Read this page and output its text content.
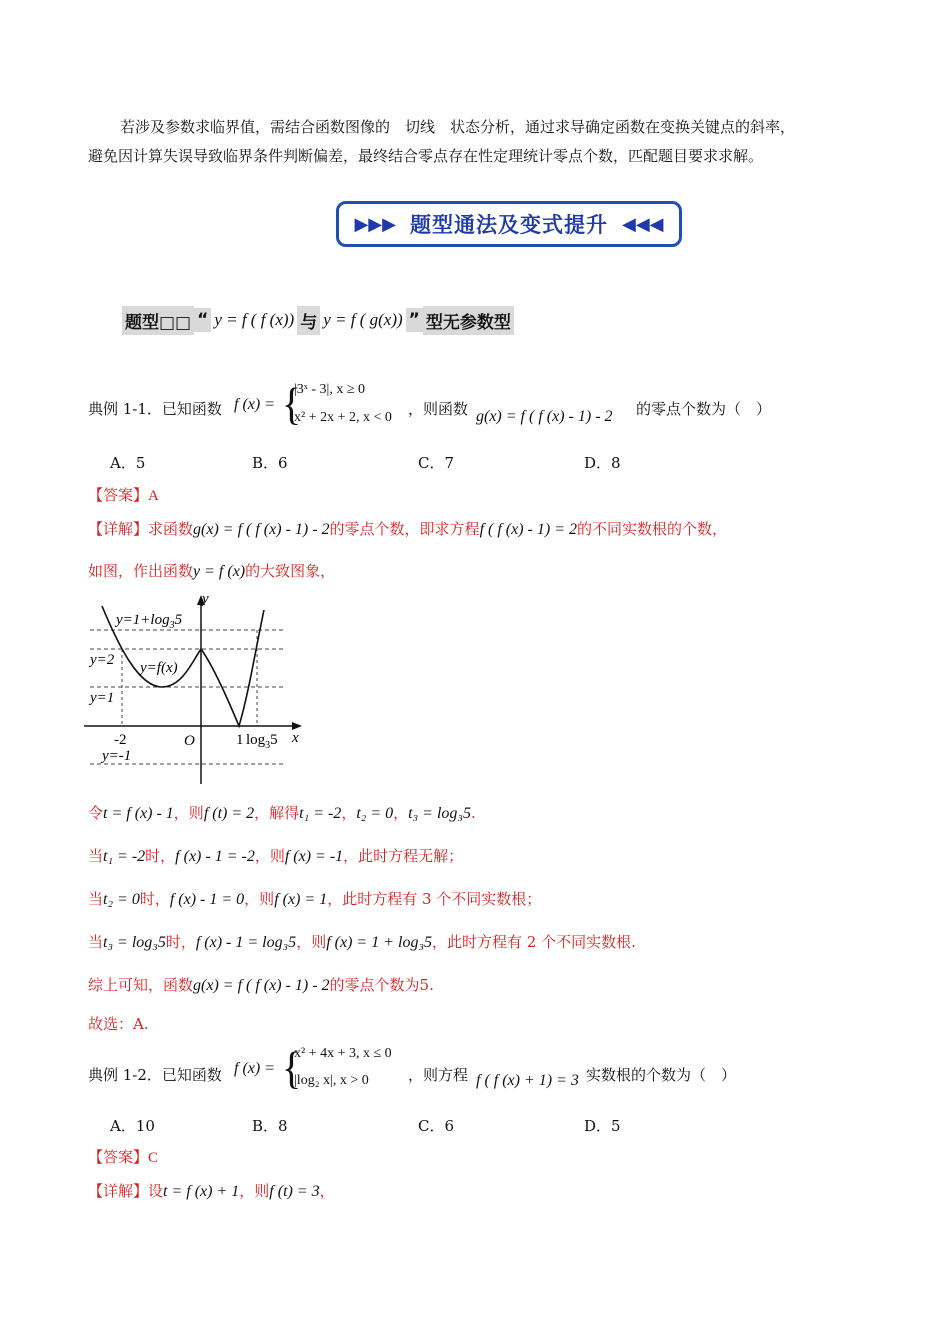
若涉及参数求临界值，需结合函数图像的　切线　状态分析，通过求导确定函数在变换关键点的斜率，
避免因计算失误导致临界条件判断偏差，最终结合零点存在性定理统计零点个数，匹配题目要求求解。
▶▶▶ 题型通法及变式提升 ◀◀◀
题型□□ “ y = f ( f (x)) 与 y = f ( g(x)) ” 型无参数型
典例 1-1．已知函数 f (x) = {
|3ˣ - 3|, x ≥ 0
x² + 2x + 2, x < 0 ，则函数 g(x) = f ( f (x) - 1) - 2 的零点个数为（　）
A．5	B．6	C．7	D．8
【答案】A
【详解】求函数g(x) = f ( f (x) - 1) - 2的零点个数，即求方程f ( f (x) - 1) = 2的不同实数根的个数，
如图，作出函数y = f (x)的大致图象，
y
x
O
$y=1+\log_35$
y=2 y=f(x)
y=1
y=-1
-2	1 $\log_35$
令t = f (x) - 1，则f (t) = 2，解得t₁ = -2，t₂ = 0，t₃ = log₃5.
当t₁ = -2时，f (x) - 1 = -2，则f (x) = -1，此时方程无解；
当t₂ = 0时，f (x) - 1 = 0，则f (x) = 1，此时方程有 3 个不同实数根；
当t₃ = log₃5时，f (x) - 1 = log₃5，则f (x) = 1 + log₃5，此时方程有 2 个不同实数根.
综上可知，函数g(x) = f ( f (x) - 1) - 2的零点个数为5.
故选：A.
典例 1-2．已知函数 f (x) = {
x² + 4x + 3, x ≤ 0
|log₂ x|, x > 0	，则方程 f ( f (x) + 1) = 3 实数根的个数为（　）
A．10	B．8	C．6	D．5
【答案】C
【详解】设t = f (x) + 1，则f (t) = 3，
